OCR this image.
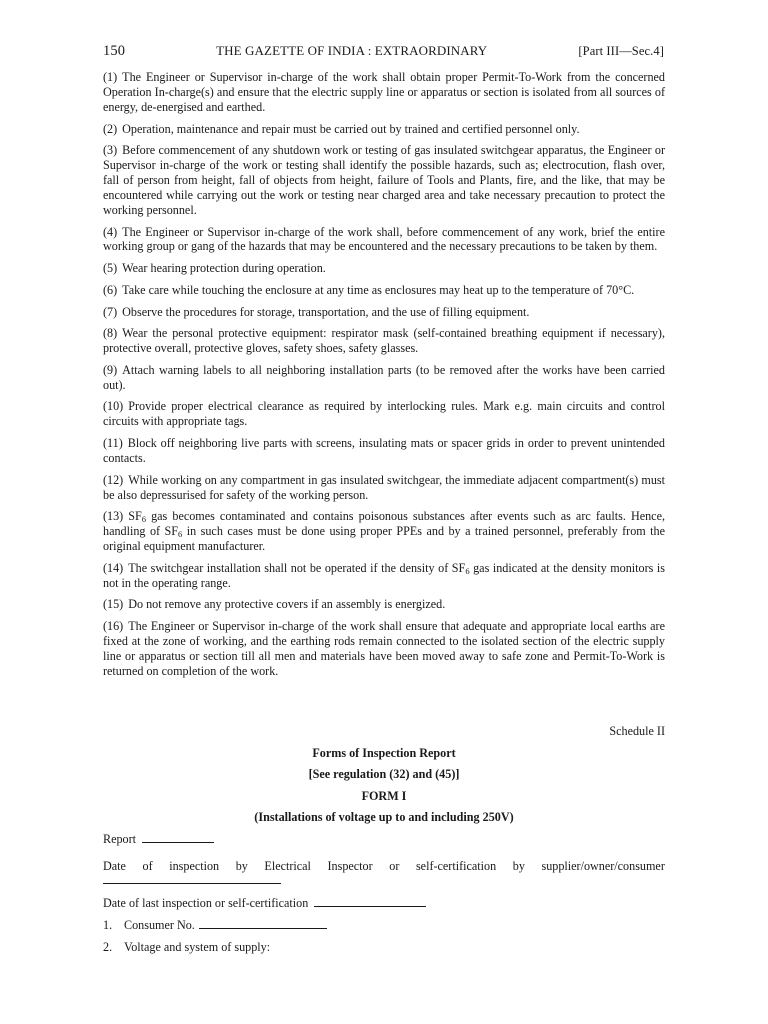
150	THE GAZETTE OF INDIA : EXTRAORDINARY	[Part III—Sec.4]

(1) The Engineer or Supervisor in-charge of the work shall obtain proper Permit-To-Work from the concerned Operation In-charge(s) and ensure that the electric supply line or apparatus or section is isolated from all sources of energy, de-energised and earthed.

(2) Operation, maintenance and repair must be carried out by trained and certified personnel only.

(3) Before commencement of any shutdown work or testing of gas insulated switchgear apparatus, the Engineer or Supervisor in-charge of the work or testing shall identify the possible hazards, such as; electrocution, flash over, fall of person from height, fall of objects from height, failure of Tools and Plants, fire, and the like, that may be encountered while carrying out the work or testing near charged area and take necessary precaution to protect the working personnel.

(4) The Engineer or Supervisor in-charge of the work shall, before commencement of any work, brief the entire working group or gang of the hazards that may be encountered and the necessary precautions to be taken by them.

(5) Wear hearing protection during operation.

(6) Take care while touching the enclosure at any time as enclosures may heat up to the temperature of 70°C.

(7) Observe the procedures for storage, transportation, and the use of filling equipment.

(8) Wear the personal protective equipment: respirator mask (self-contained breathing equipment if necessary), protective overall, protective gloves, safety shoes, safety glasses.

(9) Attach warning labels to all neighboring installation parts (to be removed after the works have been carried out).

(10) Provide proper electrical clearance as required by interlocking rules. Mark e.g. main circuits and control circuits with appropriate tags.

(11) Block off neighboring live parts with screens, insulating mats or spacer grids in order to prevent unintended contacts.

(12) While working on any compartment in gas insulated switchgear, the immediate adjacent compartment(s) must be also depressurised for safety of the working person.

(13) $SF_6$ gas becomes contaminated and contains poisonous substances after events such as arc faults. Hence, handling of $SF_6$ in such cases must be done using proper PPEs and by a trained personnel, preferably from the original equipment manufacturer.

(14) The switchgear installation shall not be operated if the density of $SF_6$ gas indicated at the density monitors is not in the operating range.

(15) Do not remove any protective covers if an assembly is energized.

(16) The Engineer or Supervisor in-charge of the work shall ensure that adequate and appropriate local earths are fixed at the zone of working, and the earthing rods remain connected to the isolated section of the electric supply line or apparatus or section till all men and materials have been moved away to safe zone and Permit-To-Work is returned on completion of the work.

Schedule II

Forms of Inspection Report

[See regulation (32) and (45)]

FORM I

(Installations of voltage up to and including 250V)

Report
Date of inspection by Electrical Inspector or self-certification by supplier/owner/consumer
Date of last inspection or self-certification
1. Consumer No.
2. Voltage and system of supply:
